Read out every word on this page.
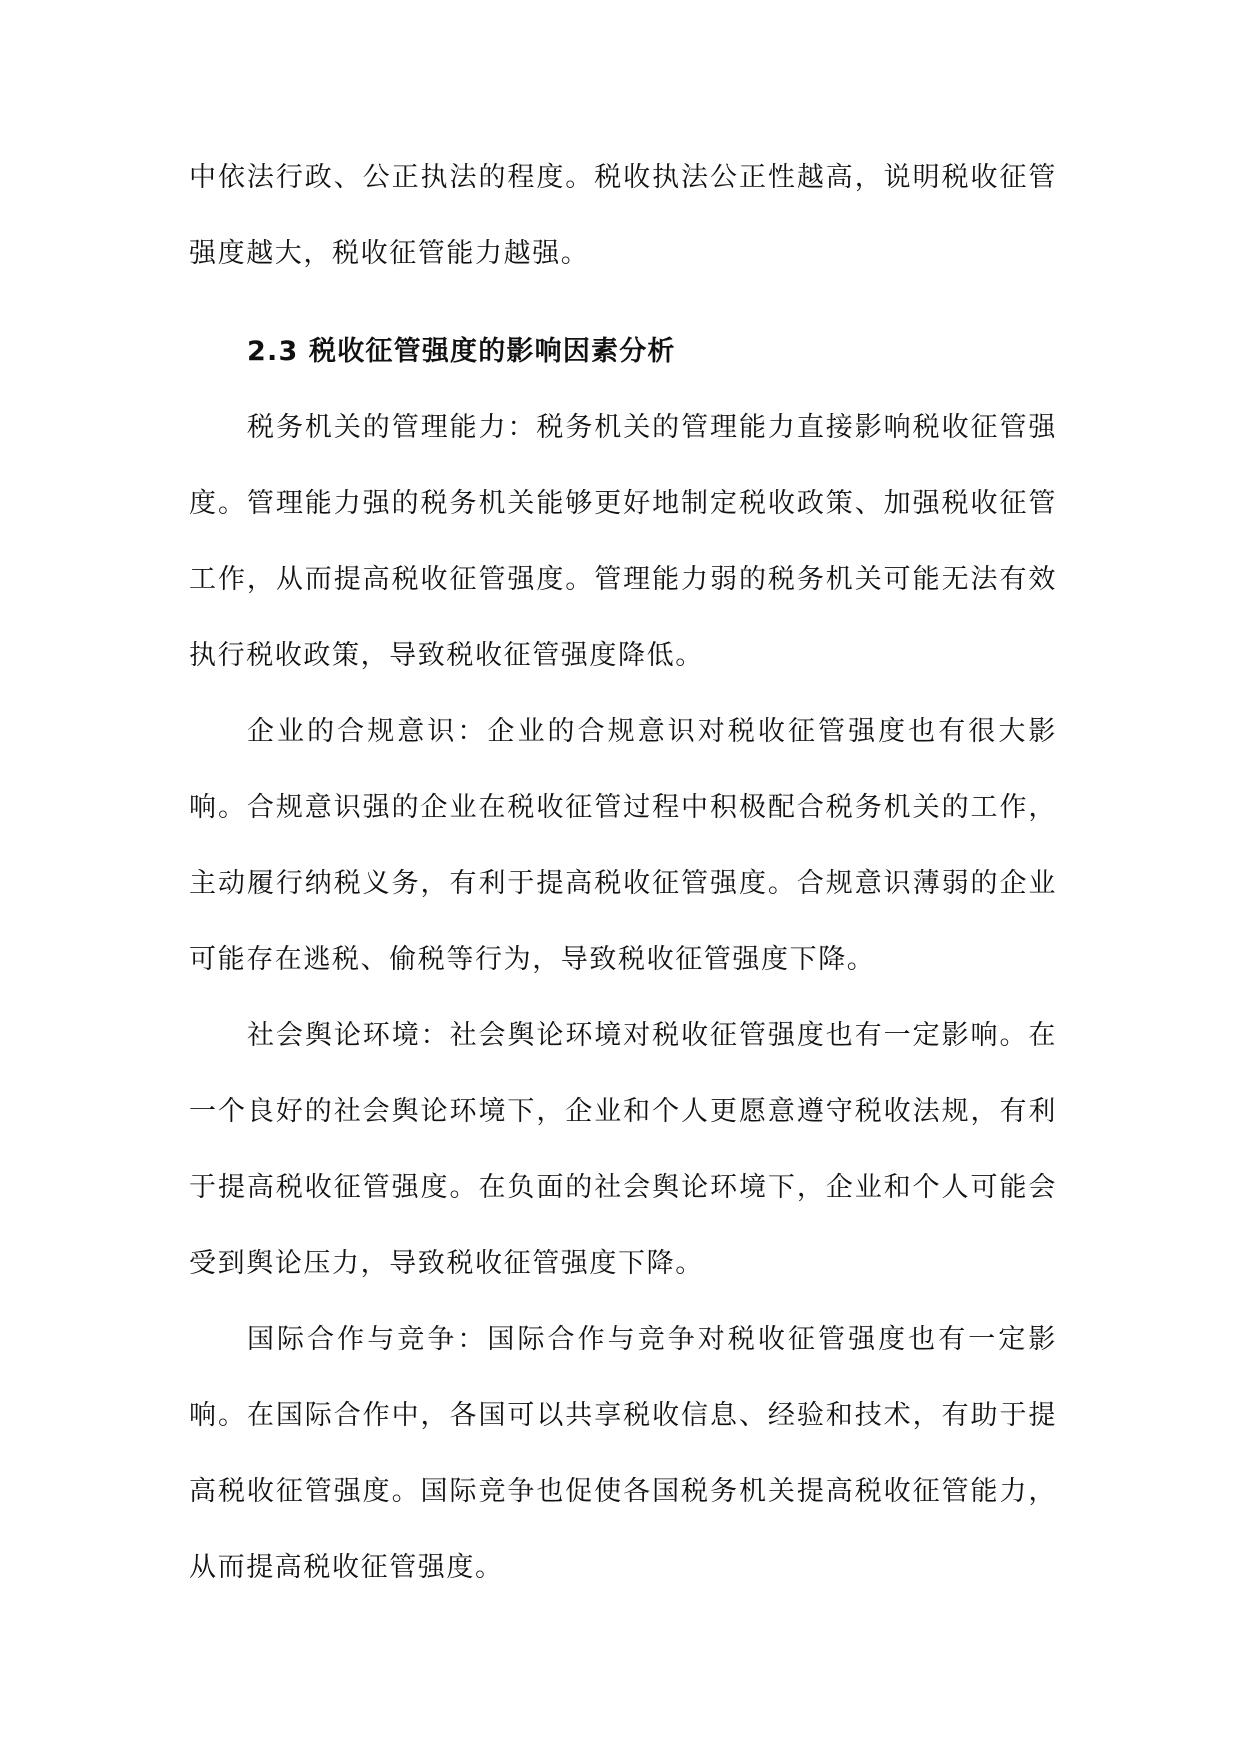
中依法行政、公正执法的程度。税收执法公正性越高，说明税收征管强度越大，税收征管能力越强。

2.3 税收征管强度的影响因素分析

税务机关的管理能力：税务机关的管理能力直接影响税收征管强度。管理能力强的税务机关能够更好地制定税收政策、加强税收征管工作，从而提高税收征管强度。管理能力弱的税务机关可能无法有效执行税收政策，导致税收征管强度降低。

企业的合规意识：企业的合规意识对税收征管强度也有很大影响。合规意识强的企业在税收征管过程中积极配合税务机关的工作，主动履行纳税义务，有利于提高税收征管强度。合规意识薄弱的企业可能存在逃税、偷税等行为，导致税收征管强度下降。

社会舆论环境：社会舆论环境对税收征管强度也有一定影响。在一个良好的社会舆论环境下，企业和个人更愿意遵守税收法规，有利于提高税收征管强度。在负面的社会舆论环境下，企业和个人可能会受到舆论压力，导致税收征管强度下降。

国际合作与竞争：国际合作与竞争对税收征管强度也有一定影响。在国际合作中，各国可以共享税收信息、经验和技术，有助于提高税收征管强度。国际竞争也促使各国税务机关提高税收征管能力，从而提高税收征管强度。
